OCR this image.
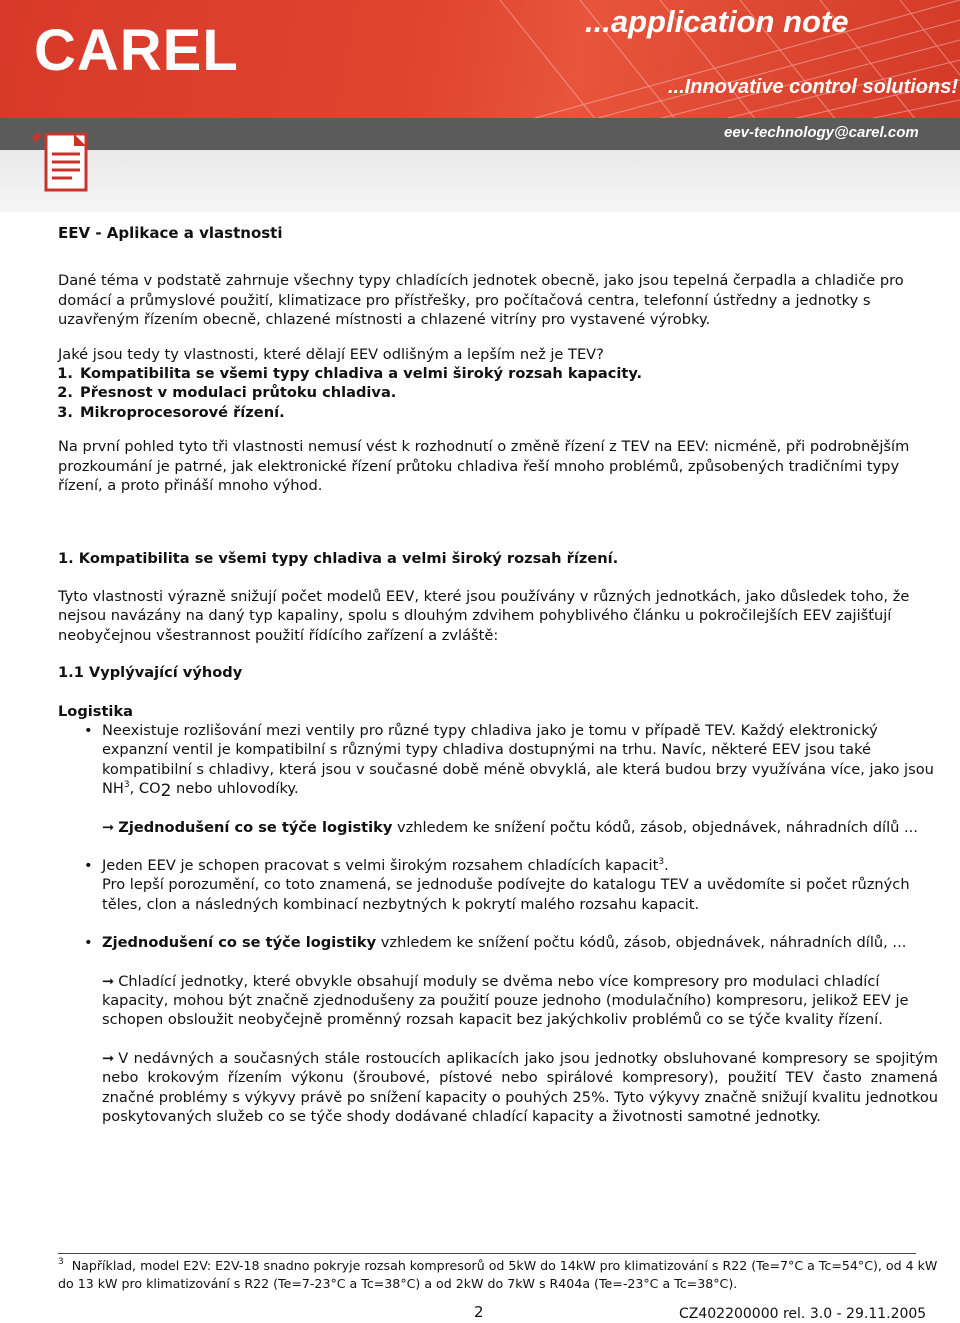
CAREL	...application note
...Innovative control solutions!
eev-technology@carel.com

EEV - Aplikace a vlastnosti

Dané téma v podstatě zahrnuje všechny typy chladících jednotek obecně, jako jsou tepelná čerpadla a chladiče pro domácí a průmyslové použití, klimatizace pro přístřešky, pro počítačová centra, telefonní ústředny a jednotky s uzavřeným řízením obecně, chlazené místnosti a chlazené vitríny pro vystavené výrobky.

Jaké jsou tedy ty vlastnosti, které dělají EEV odlišným a lepším než je TEV?

1. Kompatibilita se všemi typy chladiva a velmi široký rozsah kapacity.
2. Přesnost v modulaci průtoku chladiva.
3. Mikroprocesorové řízení.

Na první pohled tyto tři vlastnosti nemusí vést k rozhodnutí o změně řízení z TEV na EEV: nicméně, při podrobnějším prozkoumání je patrné, jak elektronické řízení průtoku chladiva řeší mnoho problémů, způsobených tradičními typy řízení, a proto přináší mnoho výhod.

1. Kompatibilita se všemi typy chladiva a velmi široký rozsah řízení.

Tyto vlastnosti výrazně snižují počet modelů EEV, které jsou používány v různých jednotkách, jako důsledek toho, že nejsou navázány na daný typ kapaliny, spolu s dlouhým zdvihem pohyblivého článku u pokročilejších EEV zajišťují neobyčejnou všestrannost použití řídícího zařízení a zvláště:

1.1 Vyplývající výhody

Logistika

• Neexistuje rozlišování mezi ventily pro různé typy chladiva jako je tomu v případě TEV. Každý elektronický expanzní ventil je kompatibilní s různými typy chladiva dostupnými na trhu. Navíc, některé EEV jsou také kompatibilní s chladivy, která jsou v současné době méně obvyklá, ale která budou brzy využívána více, jako jsou $NH^3$, CO2 nebo uhlovodíky.

➞ Zjednodušení co se týče logistiky vzhledem ke snížení počtu kódů, zásob, objednávek, náhradních dílů ...

• Jeden EEV je schopen pracovat s velmi širokým rozsahem chladících kapacit$^3$.
Pro lepší porozumění, co toto znamená, se jednoduše podívejte do katalogu TEV a uvědomíte si počet různých těles, clon a následných kombinací nezbytných k pokrytí malého rozsahu kapacit.
• Zjednodušení co se týče logistiky vzhledem ke snížení počtu kódů, zásob, objednávek, náhradních dílů, ...

➞ Chladící jednotky, které obvykle obsahují moduly se dvěma nebo více kompresory pro modulaci chladící kapacity, mohou být značně zjednodušeny za použití pouze jednoho (modulačního) kompresoru, jelikož EEV je schopen obsloužit neobyčejně proměnný rozsah kapacit bez jakýchkoliv problémů co se týče kvality řízení.

➞ V nedávných a současných stále rostoucích aplikacích jako jsou jednotky obsluhované kompresory se spojitým nebo krokovým řízením výkonu (šroubové, pístové nebo spirálové kompresory), použití TEV často znamená značné problémy s výkyvy právě po snížení kapacity o pouhých 25%. Tyto výkyvy značně snižují kvalitu jednotkou poskytovaných služeb co se týče shody dodávané chladící kapacity a životnosti samotné jednotky.

$^3$ Například, model E2V: E2V-18 snadno pokryje rozsah kompresorů od 5kW do 14kW pro klimatizování s R22 (Te=7°C a Tc=54°C), od 4 kW do 13 kW pro klimatizování s R22 (Te=7-23°C a Tc=38°C) a od 2kW do 7kW s R404a (Te=-23°C a Tc=38°C).
2	CZ402200000 rel. 3.0 - 29.11.2005
